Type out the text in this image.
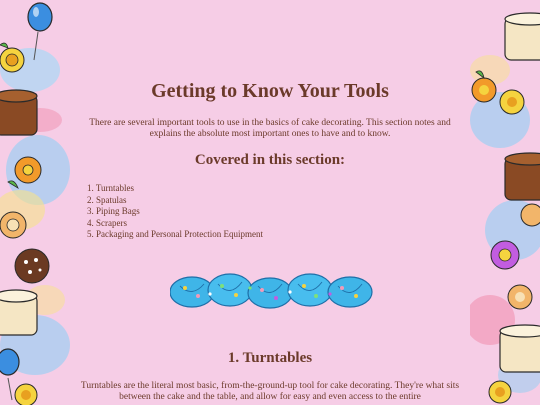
Getting to Know Your Tools

There are several important tools to use in the basics of cake decorating. This section notes and explains the absolute most important ones to have and to know.

Covered in this section:
1. Turntables
2. Spatulas
3. Piping Bags
4. Scrapers
5. Packaging and Personal Protection Equipment
1. Turntables

Turntables are the literal most basic, from-the-ground-up tool for cake decorating. They're what sits between the cake and the table, and allow for easy and even access to the entire
